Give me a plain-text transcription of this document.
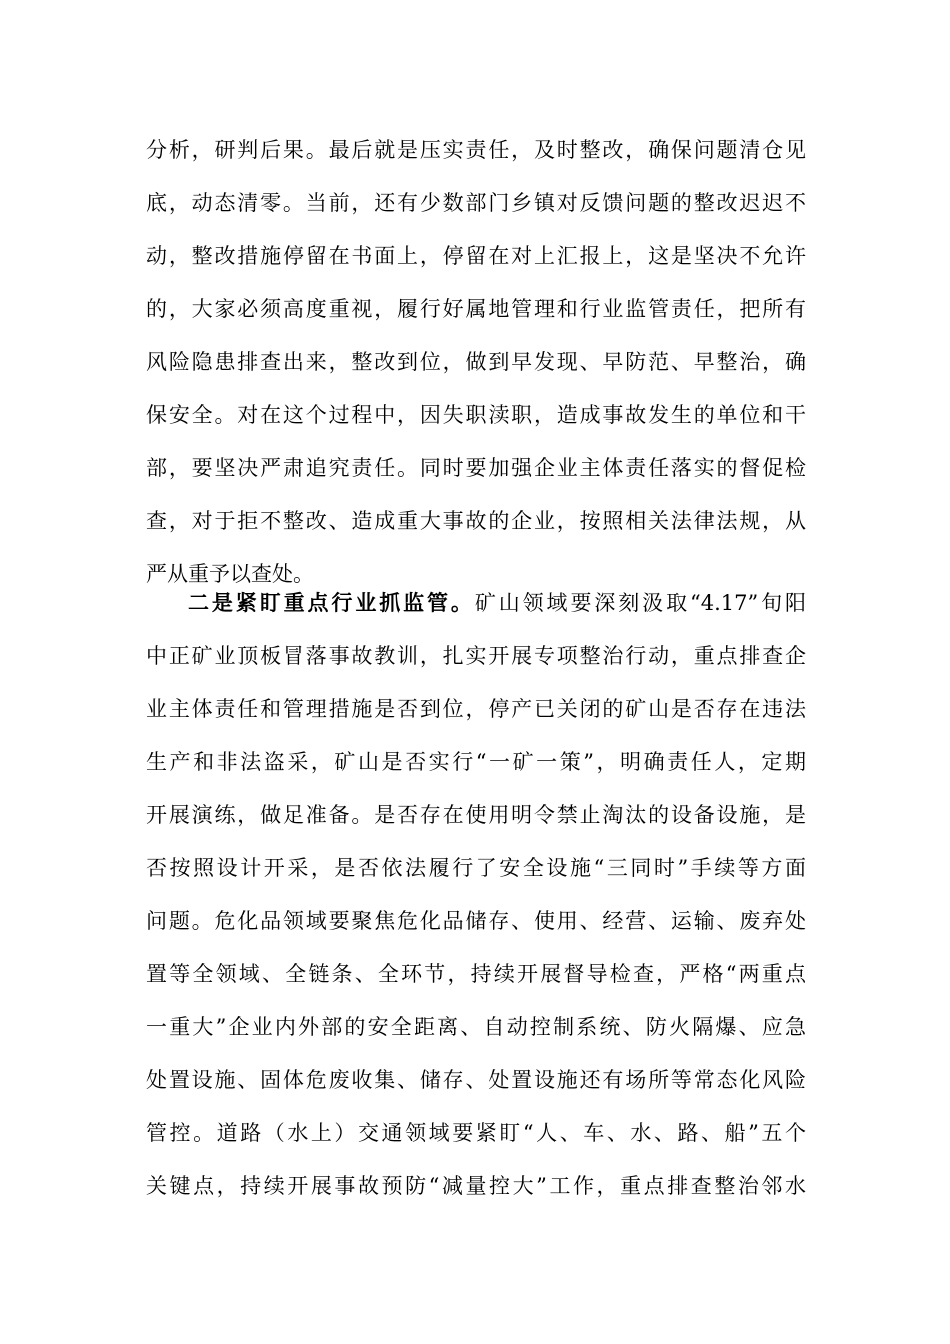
分析，研判后果。最后就是压实责任，及时整改，确保问题清仓见
底，动态清零。当前，还有少数部门乡镇对反馈问题的整改迟迟不
动，整改措施停留在书面上，停留在对上汇报上，这是坚决不允许
的，大家必须高度重视，履行好属地管理和行业监管责任，把所有
风险隐患排查出来，整改到位，做到早发现、早防范、早整治，确
保安全。对在这个过程中，因失职渎职，造成事故发生的单位和干
部，要坚决严肃追究责任。同时要加强企业主体责任落实的督促检
查，对于拒不整改、造成重大事故的企业，按照相关法律法规，从
严从重予以查处。
二是紧盯重点行业抓监管。矿山领域要深刻汲取“4.17”旬阳
中正矿业顶板冒落事故教训，扎实开展专项整治行动，重点排查企
业主体责任和管理措施是否到位，停产已关闭的矿山是否存在违法
生产和非法盗采，矿山是否实行“一矿一策”，明确责任人，定期
开展演练，做足准备。是否存在使用明令禁止淘汰的设备设施，是
否按照设计开采，是否依法履行了安全设施“三同时”手续等方面
问题。危化品领域要聚焦危化品储存、使用、经营、运输、废弃处
置等全领域、全链条、全环节，持续开展督导检查，严格“两重点
一重大”企业内外部的安全距离、自动控制系统、防火隔爆、应急
处置设施、固体危废收集、储存、处置设施还有场所等常态化风险
管控。道路（水上）交通领域要紧盯“人、车、水、路、船”五个
关键点，持续开展事故预防“减量控大”工作，重点排查整治邻水
